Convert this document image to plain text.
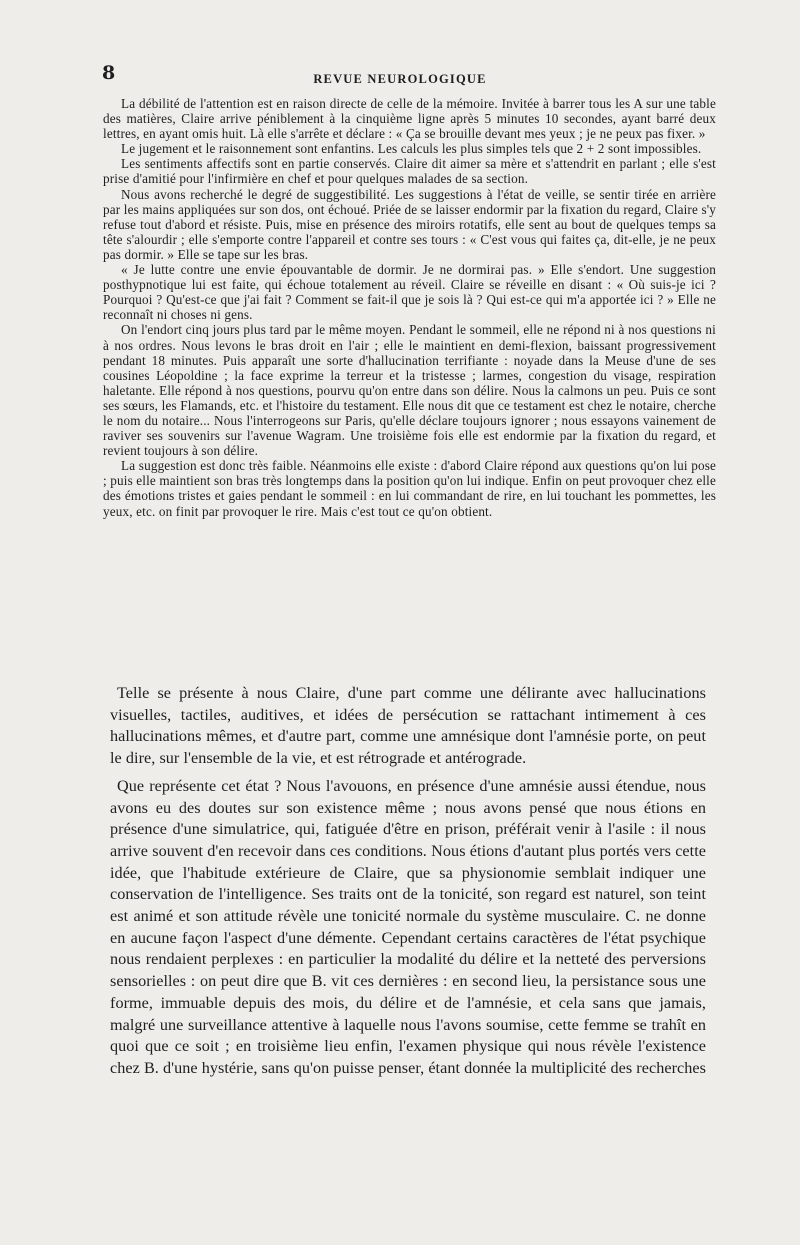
8	REVUE NEUROLOGIQUE

La débilité de l'attention est en raison directe de celle de la mémoire. Invitée à barrer tous les A sur une table des matières, Claire arrive péniblement à la cinquième ligne après 5 minutes 10 secondes, ayant barré deux lettres, en ayant omis huit. Là elle s'arrête et déclare : « Ça se brouille devant mes yeux ; je ne peux pas fixer. »

Le jugement et le raisonnement sont enfantins. Les calculs les plus simples tels que 2 + 2 sont impossibles.

Les sentiments affectifs sont en partie conservés. Claire dit aimer sa mère et s'attendrit en parlant ; elle s'est prise d'amitié pour l'infirmière en chef et pour quelques malades de sa section.

Nous avons recherché le degré de suggestibilité. Les suggestions à l'état de veille, se sentir tirée en arrière par les mains appliquées sur son dos, ont échoué. Priée de se laisser endormir par la fixation du regard, Claire s'y refuse tout d'abord et résiste. Puis, mise en présence des miroirs rotatifs, elle sent au bout de quelques temps sa tête s'alourdir ; elle s'emporte contre l'appareil et contre ses tours : « C'est vous qui faites ça, dit-elle, je ne peux pas dormir. » Elle se tape sur les bras.

« Je lutte contre une envie épouvantable de dormir. Je ne dormirai pas. » Elle s'endort. Une suggestion posthypnotique lui est faite, qui échoue totalement au réveil. Claire se réveille en disant : « Où suis-je ici ? Pourquoi ? Qu'est-ce que j'ai fait ? Comment se fait-il que je sois là ? Qui est-ce qui m'a apportée ici ? » Elle ne reconnaît ni choses ni gens.

On l'endort cinq jours plus tard par le même moyen. Pendant le sommeil, elle ne répond ni à nos questions ni à nos ordres. Nous levons le bras droit en l'air ; elle le maintient en demi-flexion, baissant progressivement pendant 18 minutes. Puis apparaît une sorte d'hallucination terrifiante : noyade dans la Meuse d'une de ses cousines Léopoldine ; la face exprime la terreur et la tristesse ; larmes, congestion du visage, respiration haletante. Elle répond à nos questions, pourvu qu'on entre dans son délire. Nous la calmons un peu. Puis ce sont ses sœurs, les Flamands, etc. et l'histoire du testament. Elle nous dit que ce testament est chez le notaire, cherche le nom du notaire... Nous l'interrogeons sur Paris, qu'elle déclare toujours ignorer ; nous essayons vainement de raviver ses souvenirs sur l'avenue Wagram. Une troisième fois elle est endormie par la fixation du regard, et revient toujours à son délire.

La suggestion est donc très faible. Néanmoins elle existe : d'abord Claire répond aux questions qu'on lui pose ; puis elle maintient son bras très longtemps dans la position qu'on lui indique. Enfin on peut provoquer chez elle des émotions tristes et gaies pendant le sommeil : en lui commandant de rire, en lui touchant les pommettes, les yeux, etc. on finit par provoquer le rire. Mais c'est tout ce qu'on obtient.

Telle se présente à nous Claire, d'une part comme une délirante avec hallucinations visuelles, tactiles, auditives, et idées de persécution se rattachant intimement à ces hallucinations mêmes, et d'autre part, comme une amnésique dont l'amnésie porte, on peut le dire, sur l'ensemble de la vie, et est rétrograde et antérograde.

Que représente cet état ? Nous l'avouons, en présence d'une amnésie aussi étendue, nous avons eu des doutes sur son existence même ; nous avons pensé que nous étions en présence d'une simulatrice, qui, fatiguée d'être en prison, préférait venir à l'asile : il nous arrive souvent d'en recevoir dans ces conditions. Nous étions d'autant plus portés vers cette idée, que l'habitude extérieure de Claire, que sa physionomie semblait indiquer une conservation de l'intelligence. Ses traits ont de la tonicité, son regard est naturel, son teint est animé et son attitude révèle une tonicité normale du système musculaire. C. ne donne en aucune façon l'aspect d'une démente. Cependant certains caractères de l'état psychique nous rendaient perplexes : en particulier la modalité du délire et la netteté des perversions sensorielles : on peut dire que B. vit ces dernières : en second lieu, la persistance sous une forme, immuable depuis des mois, du délire et de l'amnésie, et cela sans que jamais, malgré une surveillance attentive à laquelle nous l'avons soumise, cette femme se trahît en quoi que ce soit ; en troisième lieu enfin, l'examen physique qui nous révèle l'existence chez B. d'une hystérie, sans qu'on puisse penser, étant donnée la multiplicité des recherches
